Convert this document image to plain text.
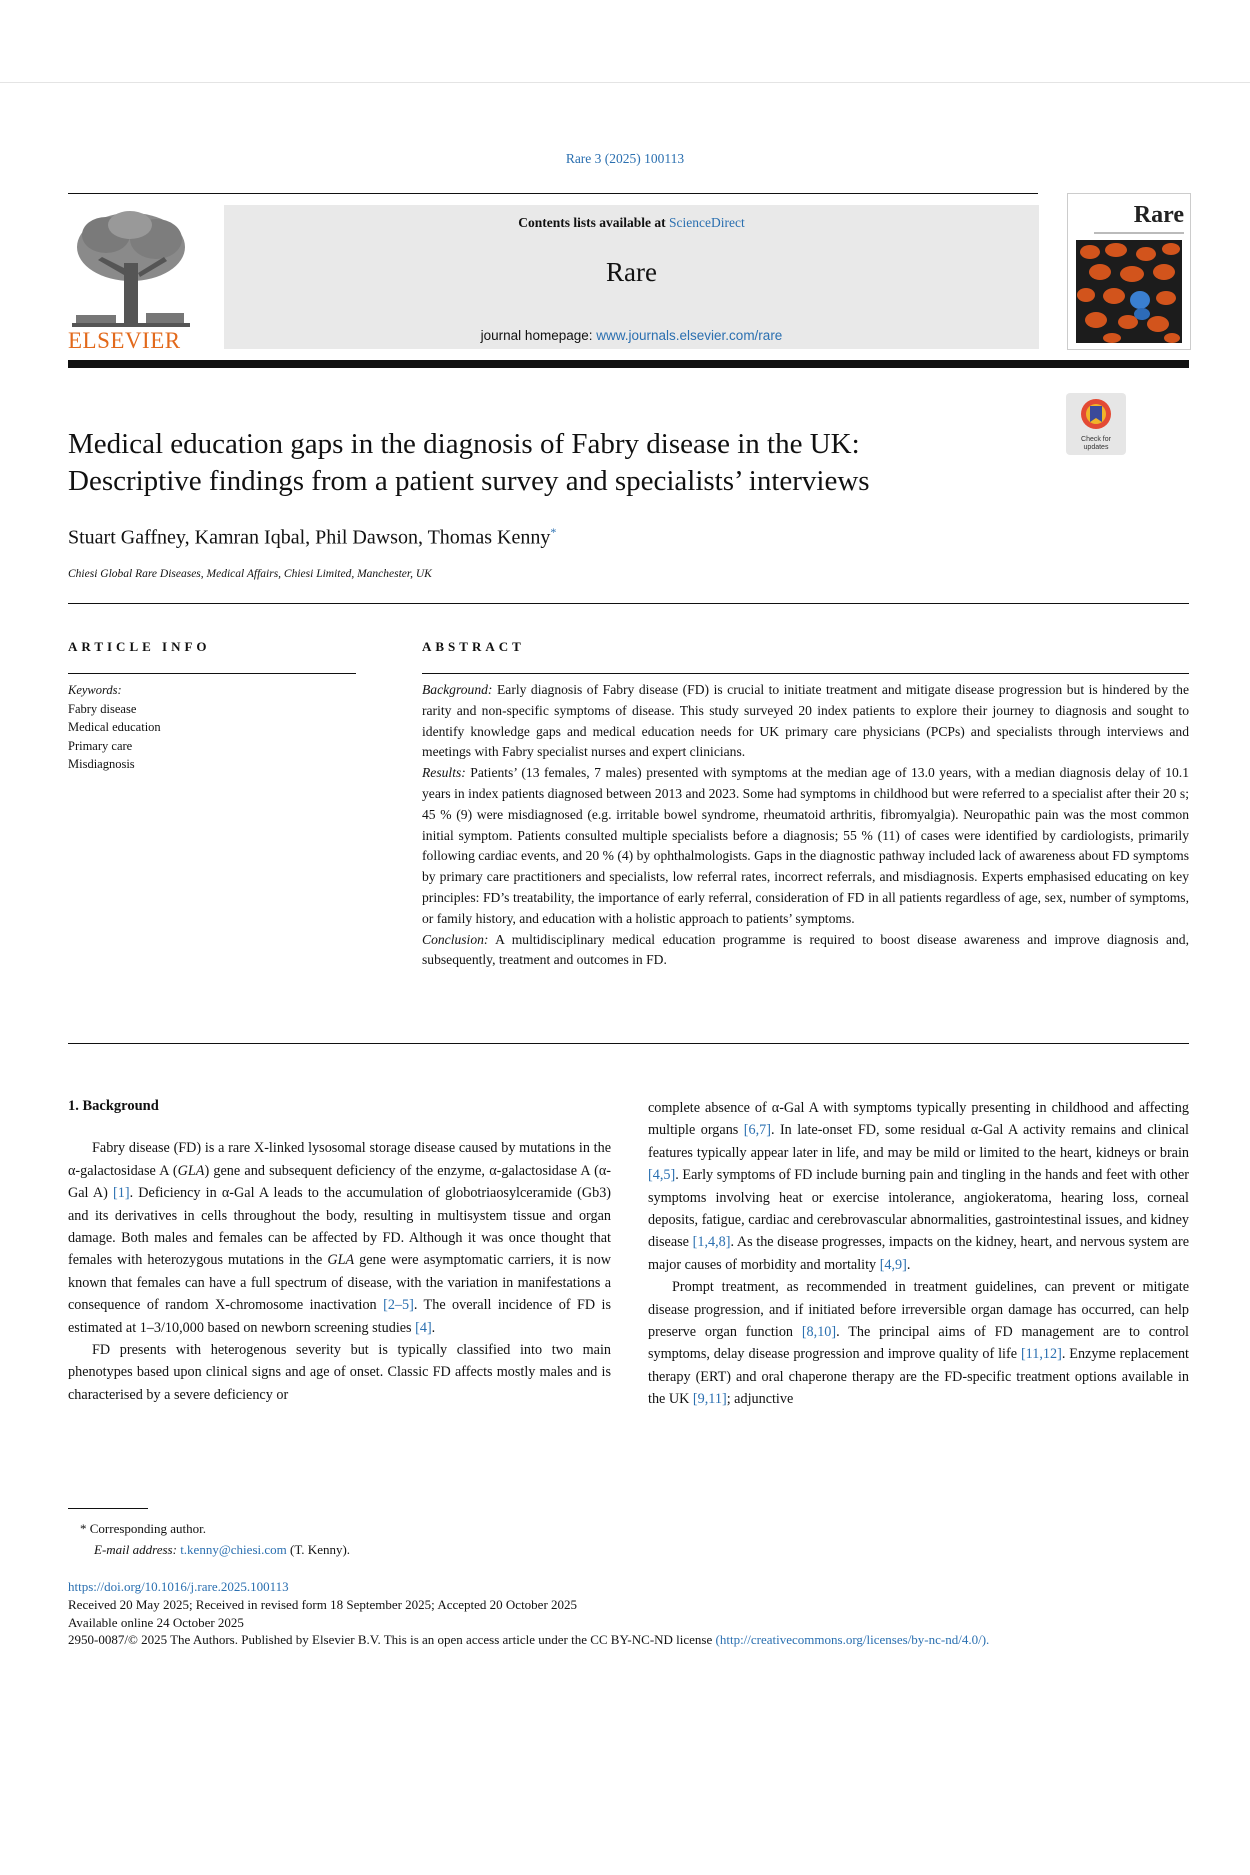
Rare 3 (2025) 100113
ELSEVIER
Contents lists available at ScienceDirect
Rare
journal homepage: www.journals.elsevier.com/rare
Rare
Check for
updates
Medical education gaps in the diagnosis of Fabry disease in the UK:
Descriptive findings from a patient survey and specialists’ interviews
Stuart Gaffney, Kamran Iqbal, Phil Dawson, Thomas Kenny*
Chiesi Global Rare Diseases, Medical Affairs, Chiesi Limited, Manchester, UK
ARTICLE INFO
Keywords:
Fabry disease
Medical education
Primary care
Misdiagnosis
ABSTRACT

Background: Early diagnosis of Fabry disease (FD) is crucial to initiate treatment and mitigate disease progression but is hindered by the rarity and non-specific symptoms of disease. This study surveyed 20 index patients to explore their journey to diagnosis and sought to identify knowledge gaps and medical education needs for UK primary care physicians (PCPs) and specialists through interviews and meetings with Fabry specialist nurses and expert clinicians.

Results: Patients’ (13 females, 7 males) presented with symptoms at the median age of 13.0 years, with a median diagnosis delay of 10.1 years in index patients diagnosed between 2013 and 2023. Some had symptoms in childhood but were referred to a specialist after their 20 s; 45 % (9) were misdiagnosed (e.g. irritable bowel syndrome, rheumatoid arthritis, fibromyalgia). Neuropathic pain was the most common initial symptom. Patients consulted multiple specialists before a diagnosis; 55 % (11) of cases were identified by cardiologists, primarily following cardiac events, and 20 % (4) by ophthalmologists. Gaps in the diagnostic pathway included lack of awareness about FD symptoms by primary care practitioners and specialists, low referral rates, incorrect referrals, and misdiagnosis. Experts emphasised educating on key principles: FD’s treatability, the importance of early referral, consideration of FD in all patients regardless of age, sex, number of symptoms, or family history, and education with a holistic approach to patients’ symptoms.

Conclusion: A multidisciplinary medical education programme is required to boost disease awareness and improve diagnosis and, subsequently, treatment and outcomes in FD.

1. Background

Fabry disease (FD) is a rare X-linked lysosomal storage disease caused by mutations in the α-galactosidase A (GLA) gene and subsequent deficiency of the enzyme, α-galactosidase A (α-Gal A) [1]. Deficiency in α-Gal A leads to the accumulation of globotriaosylceramide (Gb3) and its derivatives in cells throughout the body, resulting in multisystem tissue and organ damage. Both males and females can be affected by FD. Although it was once thought that females with heterozygous mutations in the GLA gene were asymptomatic carriers, it is now known that females can have a full spectrum of disease, with the variation in manifestations a consequence of random X-chromosome inactivation [2–5]. The overall incidence of FD is estimated at 1–3/10,000 based on newborn screening studies [4].

FD presents with heterogenous severity but is typically classified into two main phenotypes based upon clinical signs and age of onset. Classic FD affects mostly males and is characterised by a severe deficiency or

complete absence of α-Gal A with symptoms typically presenting in childhood and affecting multiple organs [6,7]. In late-onset FD, some residual α-Gal A activity remains and clinical features typically appear later in life, and may be mild or limited to the heart, kidneys or brain [4,5]. Early symptoms of FD include burning pain and tingling in the hands and feet with other symptoms involving heat or exercise intolerance, angiokeratoma, hearing loss, corneal deposits, fatigue, cardiac and cerebrovascular abnormalities, gastrointestinal issues, and kidney disease [1,4,8]. As the disease progresses, impacts on the kidney, heart, and nervous system are major causes of morbidity and mortality [4,9].

Prompt treatment, as recommended in treatment guidelines, can prevent or mitigate disease progression, and if initiated before irreversible organ damage has occurred, can help preserve organ function [8,10]. The principal aims of FD management are to control symptoms, delay disease progression and improve quality of life [11,12]. Enzyme replacement therapy (ERT) and oral chaperone therapy are the FD-specific treatment options available in the UK [9,11]; adjunctive

* Corresponding author.
E-mail address: t.kenny@chiesi.com (T. Kenny).
https://doi.org/10.1016/j.rare.2025.100113
Received 20 May 2025; Received in revised form 18 September 2025; Accepted 20 October 2025
Available online 24 October 2025
2950-0087/© 2025 The Authors. Published by Elsevier B.V. This is an open access article under the CC BY-NC-ND license (http://creativecommons.org/licenses/by-nc-nd/4.0/).
